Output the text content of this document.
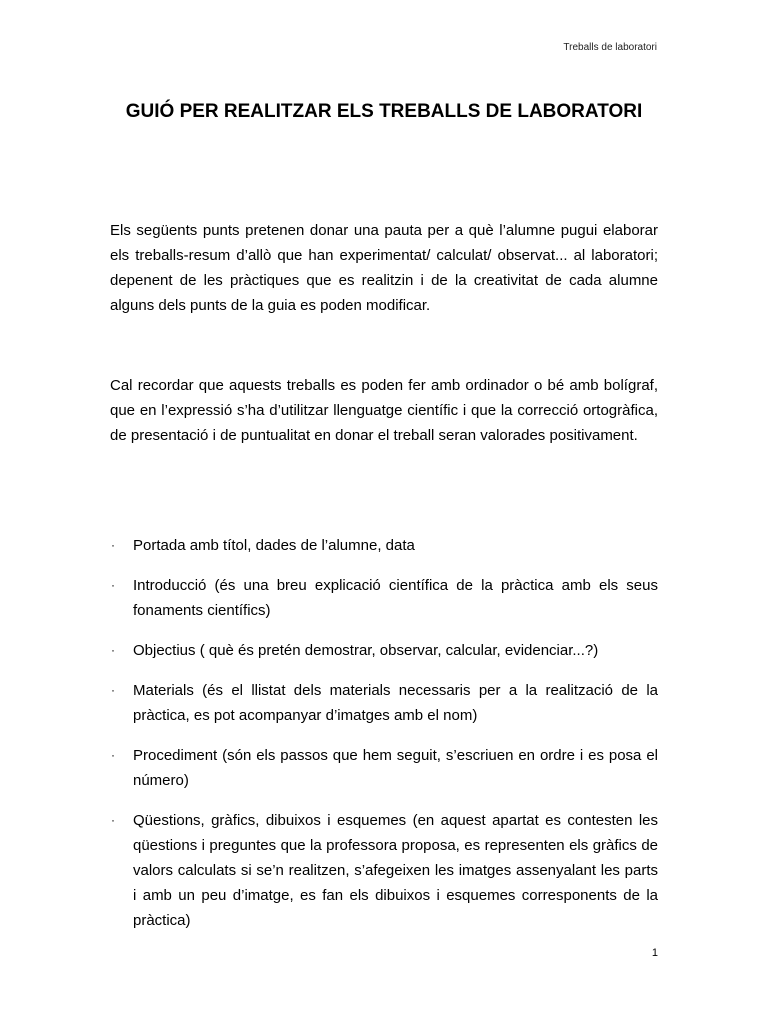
Treballs de laboratori
GUIÓ PER REALITZAR ELS TREBALLS DE LABORATORI

Els següents punts pretenen donar una pauta per a què l’alumne pugui elaborar els treballs-resum d’allò que han experimentat/ calculat/ observat... al laboratori; depenent de les pràctiques que es realitzin i de la creativitat de cada alumne alguns dels punts de la guia es poden modificar.

Cal recordar que aquests treballs es poden fer amb ordinador o bé amb bolígraf, que en l’expressió s’ha d’utilitzar llenguatge científic i que la correcció ortogràfica, de presentació i de puntualitat en donar el treball seran valorades positivament.

· Portada amb títol, dades de l’alumne, data
· Introducció (és una breu explicació científica de la pràctica amb els seus fonaments científics)
· Objectius ( què és pretén demostrar, observar, calcular, evidenciar...?)
· Materials (és el llistat dels materials necessaris per a la realització de la pràctica, es pot acompanyar d’imatges amb el nom)
· Procediment (són els passos que hem seguit, s’escriuen en ordre i es posa el número)
· Qüestions, gràfics, dibuixos i esquemes (en aquest apartat es contesten les qüestions i preguntes que la professora proposa, es representen els gràfics de valors calculats si se’n realitzen, s’afegeixen les imatges assenyalant les parts i amb un peu d’imatge, es fan els dibuixos i esquemes corresponents de la pràctica)
1
